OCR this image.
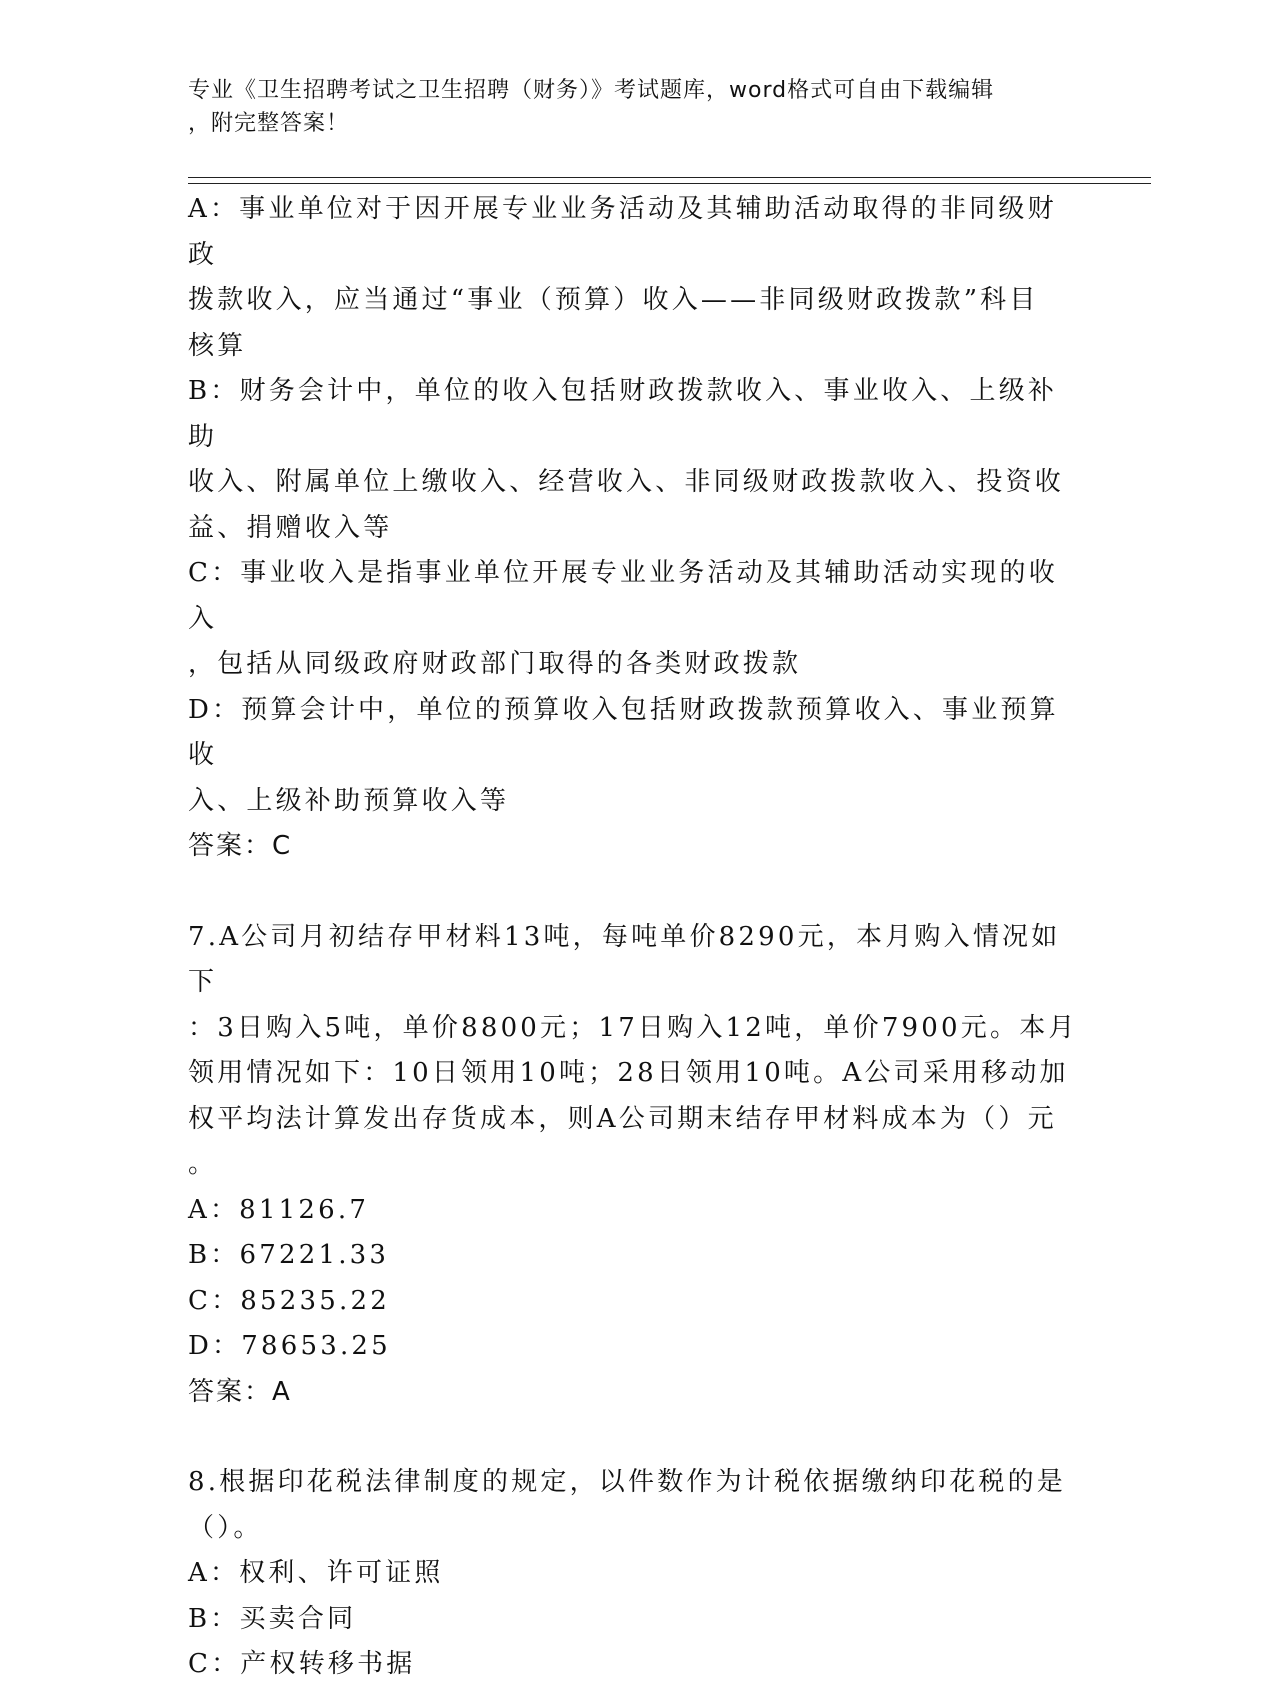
专业《卫生招聘考试之卫生招聘（财务）》考试题库，word格式可自由下载编辑
，附完整答案！

A：事业单位对于因开展专业业务活动及其辅助活动取得的非同级财政

拨款收入，应当通过“事业（预算）收入——非同级财政拨款”科目

核算

B：财务会计中，单位的收入包括财政拨款收入、事业收入、上级补助

收入、附属单位上缴收入、经营收入、非同级财政拨款收入、投资收

益、捐赠收入等

C：事业收入是指事业单位开展专业业务活动及其辅助活动实现的收入

，包括从同级政府财政部门取得的各类财政拨款

D：预算会计中，单位的预算收入包括财政拨款预算收入、事业预算收

入、上级补助预算收入等

答案：C

7.A公司月初结存甲材料13吨，每吨单价8290元，本月购入情况如下

：3日购入5吨，单价8800元；17日购入12吨，单价7900元。本月

领用情况如下：10日领用10吨；28日领用10吨。A公司采用移动加

权平均法计算发出存货成本，则A公司期末结存甲材料成本为（）元

。

A：81126.7

B：67221.33

C：85235.22

D：78653.25

答案：A

8.根据印花税法律制度的规定，以件数作为计税依据缴纳印花税的是

（）。

A：权利、许可证照

B：买卖合同

C：产权转移书据
